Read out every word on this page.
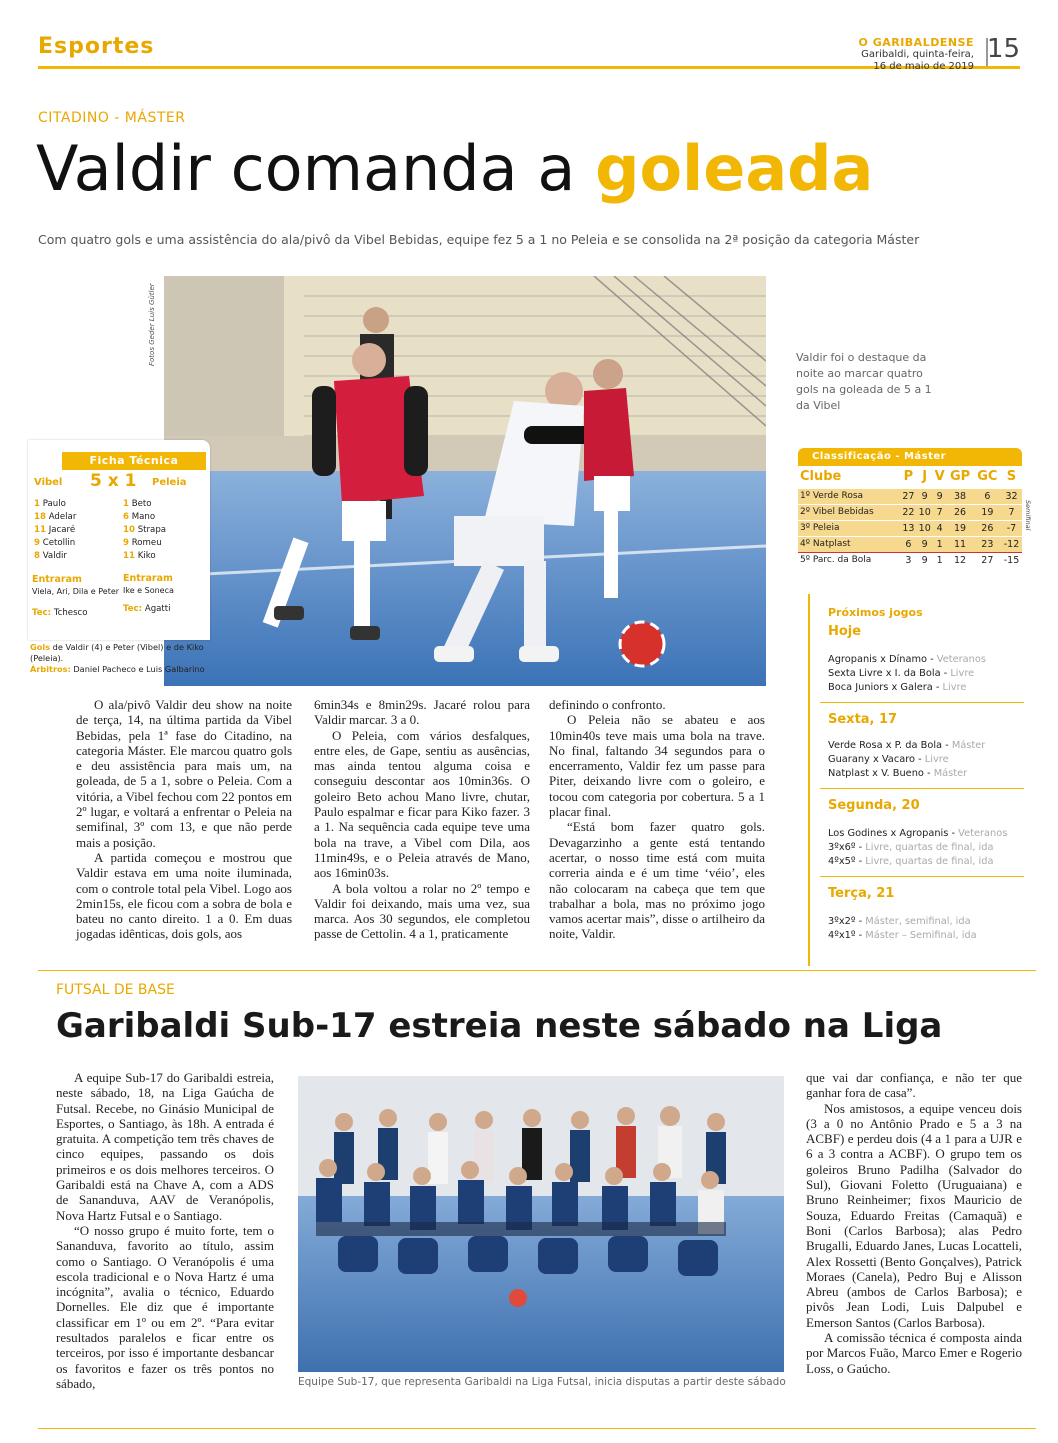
Esportes	O GARIBALDENSE
Garibaldi, quinta-feira,
16 de maio de 2019
15
CITADINO - MÁSTER
Valdir comanda a goleada
Com quatro gols e uma assistência do ala/pivô da Vibel Bebidas, equipe fez 5 a 1 no Peleia e se consolida na 2ª posição da categoria Máster
Fotos Geder Luis Gütler	Valdir foi o destaque da noite ao marcar quatro gols na goleada de 5 a 1 da Vibel
Ficha Técnica
Vibel 5 x 1 Peleia
1 Paulo
18 Adelar
11 Jacaré
9 Cetollin
8 Valdir
1 Beto
6 Mano
10 Strapa
9 Romeu
11 Kiko
Entraram
Viela, Ari, Dila e Peter
Entraram
Ike e Soneca
Tec: Tchesco	Tec: Agatti
Gols de Valdir (4) e Peter (Vibel) e de Kiko (Peleia).
Árbitros: Daniel Pacheco e Luis Galbarino
Classificação - Máster
Clube	P	J	V	GP	GC	S
1º Verde Rosa	27	9	9	38	6	32
2º Vibel Bebidas	22	10	7	26	19	7
3º Peleia	13	10	4	19	26	-7
4º Natplast	6	9	1	11	23	-12
5º Parc. da Bola	3	9	1	12	27	-15
Semifinal
Próximos jogos
Hoje
Agropanis x Dínamo - Veteranos
Sexta Livre x I. da Bola - Livre
Boca Juniors x Galera - Livre
Sexta, 17
Verde Rosa x P. da Bola - Máster
Guarany x Vacaro - Livre
Natplast x V. Bueno - Máster
Segunda, 20
Los Godines x Agropanis - Veteranos
3ºx6º - Livre, quartas de final, ida
4ºx5º - Livre, quartas de final, ida
Terça, 21
3ºx2º - Máster, semifinal, ida
4ºx1º - Máster – Semifinal, ida

O ala/pivô Valdir deu show na noite de terça, 14, na última partida da Vibel Bebidas, pela 1ª fase do Citadino, na categoria Máster. Ele marcou quatro gols e deu assistência para mais um, na goleada, de 5 a 1, sobre o Peleia. Com a vitória, a Vibel fechou com 22 pontos em 2º lugar, e voltará a enfrentar o Peleia na semifinal, 3º com 13, e que não perde mais a posição.

A partida começou e mostrou que Valdir estava em uma noite iluminada, com o controle total pela Vibel. Logo aos 2min15s, ele ficou com a sobra de bola e bateu no canto direito. 1 a 0. Em duas jogadas idênticas, dois gols, aos

6min34s e 8min29s. Jacaré rolou para Valdir marcar. 3 a 0.

O Peleia, com vários desfalques, entre eles, de Gape, sentiu as ausências, mas ainda tentou alguma coisa e conseguiu descontar aos 10min36s. O goleiro Beto achou Mano livre, chutar, Paulo espalmar e ficar para Kiko fazer. 3 a 1. Na sequência cada equipe teve uma bola na trave, a Vibel com Dila, aos 11min49s, e o Peleia através de Mano, aos 16min03s.

A bola voltou a rolar no 2º tempo e Valdir foi deixando, mais uma vez, sua marca. Aos 30 segundos, ele completou passe de Cettolin. 4 a 1, praticamente

definindo o confronto.

O Peleia não se abateu e aos 10min40s teve mais uma bola na trave. No final, faltando 34 segundos para o encerramento, Valdir fez um passe para Piter, deixando livre com o goleiro, e tocou com categoria por cobertura. 5 a 1 placar final.

“Está bom fazer quatro gols. Devagarzinho a gente está tentando acertar, o nosso time está com muita correria ainda e é um time ‘véio’, eles não colocaram na cabeça que tem que trabalhar a bola, mas no próximo jogo vamos acertar mais”, disse o artilheiro da noite, Valdir.

FUTSAL DE BASE
Garibaldi Sub-17 estreia neste sábado na Liga

A equipe Sub-17 do Garibaldi estreia, neste sábado, 18, na Liga Gaúcha de Futsal. Recebe, no Ginásio Municipal de Esportes, o Santiago, às 18h. A entrada é gratuita. A competição tem três chaves de cinco equipes, passando os dois primeiros e os dois melhores terceiros. O Garibaldi está na Chave A, com a ADS de Sananduva, AAV de Veranópolis, Nova Hartz Futsal e o Santiago.

“O nosso grupo é muito forte, tem o Sananduva, favorito ao título, assim como o Santiago. O Veranópolis é uma escola tradicional e o Nova Hartz é uma incógnita”, avalia o técnico, Eduardo Dornelles. Ele diz que é importante classificar em 1º ou em 2º. “Para evitar resultados paralelos e ficar entre os terceiros, por isso é importante desbancar os favoritos e fazer os três pontos no sábado,	Equipe Sub-17, que representa Garibaldi na Liga Futsal, inicia disputas a partir deste sábado

que vai dar confiança, e não ter que ganhar fora de casa”.

Nos amistosos, a equipe venceu dois (3 a 0 no Antônio Prado e 5 a 3 na ACBF) e perdeu dois (4 a 1 para a UJR e 6 a 3 contra a ACBF). O grupo tem os goleiros Bruno Padilha (Salvador do Sul), Giovani Foletto (Uruguaiana) e Bruno Reinheimer; fixos Mauricio de Souza, Eduardo Freitas (Camaquã) e Boni (Carlos Barbosa); alas Pedro Brugalli, Eduardo Janes, Lucas Locatteli, Alex Rossetti (Bento Gonçalves), Patrick Moraes (Canela), Pedro Buj e Alisson Abreu (ambos de Carlos Barbosa); e pivôs Jean Lodi, Luis Dalpubel e Emerson Santos (Carlos Barbosa).

A comissão técnica é composta ainda por Marcos Fuão, Marco Emer e Rogerio Loss, o Gaúcho.
